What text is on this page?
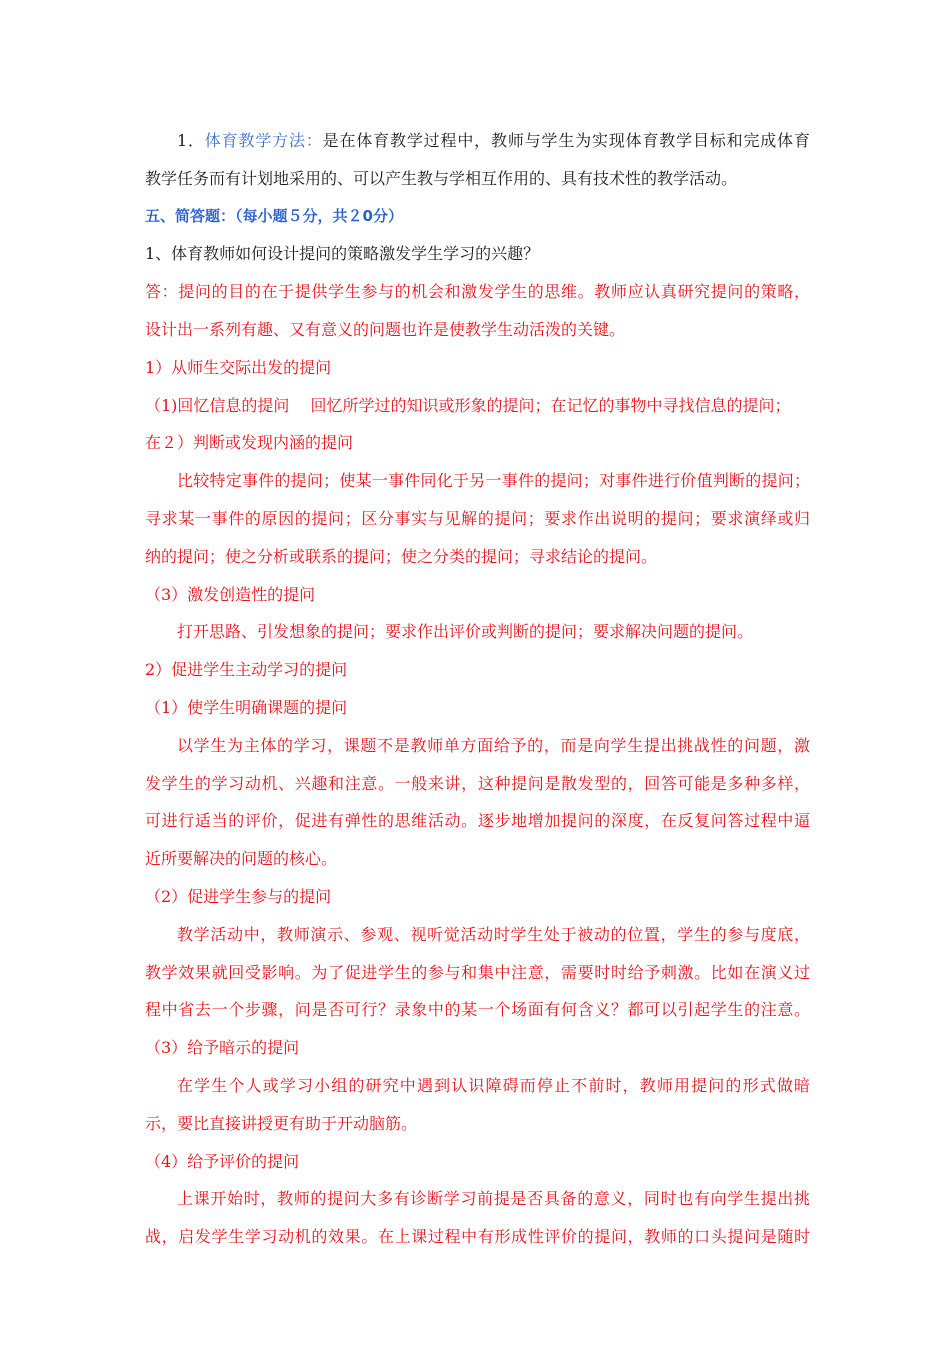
1．体育教学方法：是在体育教学过程中，教师与学生为实现体育教学目标和完成体育
教学任务而有计划地采用的、可以产生教与学相互作用的、具有技术性的教学活动。
五、简答题：（每小题５分，共２0分）
1、体育教师如何设计提问的策略激发学生学习的兴趣？
答：提问的目的在于提供学生参与的机会和激发学生的思维。教师应认真研究提问的策略，
设计出一系列有趣、又有意义的问题也许是使教学生动活泼的关键。
1）从师生交际出发的提问
（1)回忆信息的提问　 回忆所学过的知识或形象的提问；在记忆的事物中寻找信息的提问；
在２）判断或发现内涵的提问
比较特定事件的提问；使某一事件同化于另一事件的提问；对事件进行价值判断的提问；
寻求某一事件的原因的提问；区分事实与见解的提问；要求作出说明的提问；要求演绎或归
纳的提问；使之分析或联系的提问；使之分类的提问；寻求结论的提问。
（3）激发创造性的提问
打开思路、引发想象的提问；要求作出评价或判断的提问；要求解决问题的提问。
2）促进学生主动学习的提问
（1）使学生明确课题的提问
以学生为主体的学习，课题不是教师单方面给予的，而是向学生提出挑战性的问题，激
发学生的学习动机、兴趣和注意。一般来讲，这种提问是散发型的，回答可能是多种多样，
可进行适当的评价，促进有弹性的思维活动。逐步地增加提问的深度，在反复问答过程中逼
近所要解决的问题的核心。
（2）促进学生参与的提问
教学活动中，教师演示、参观、视听觉活动时学生处于被动的位置，学生的参与度底，
教学效果就回受影响。为了促进学生的参与和集中注意，需要时时给予刺激。比如在演义过
程中省去一个步骤，问是否可行？录象中的某一个场面有何含义？都可以引起学生的注意。
（3）给予暗示的提问
在学生个人或学习小组的研究中遇到认识障碍而停止不前时，教师用提问的形式做暗
示，要比直接讲授更有助于开动脑筋。
（4）给予评价的提问
上课开始时，教师的提问大多有诊断学习前提是否具备的意义，同时也有向学生提出挑
战，启发学生学习动机的效果。在上课过程中有形成性评价的提问，教师的口头提问是随时
